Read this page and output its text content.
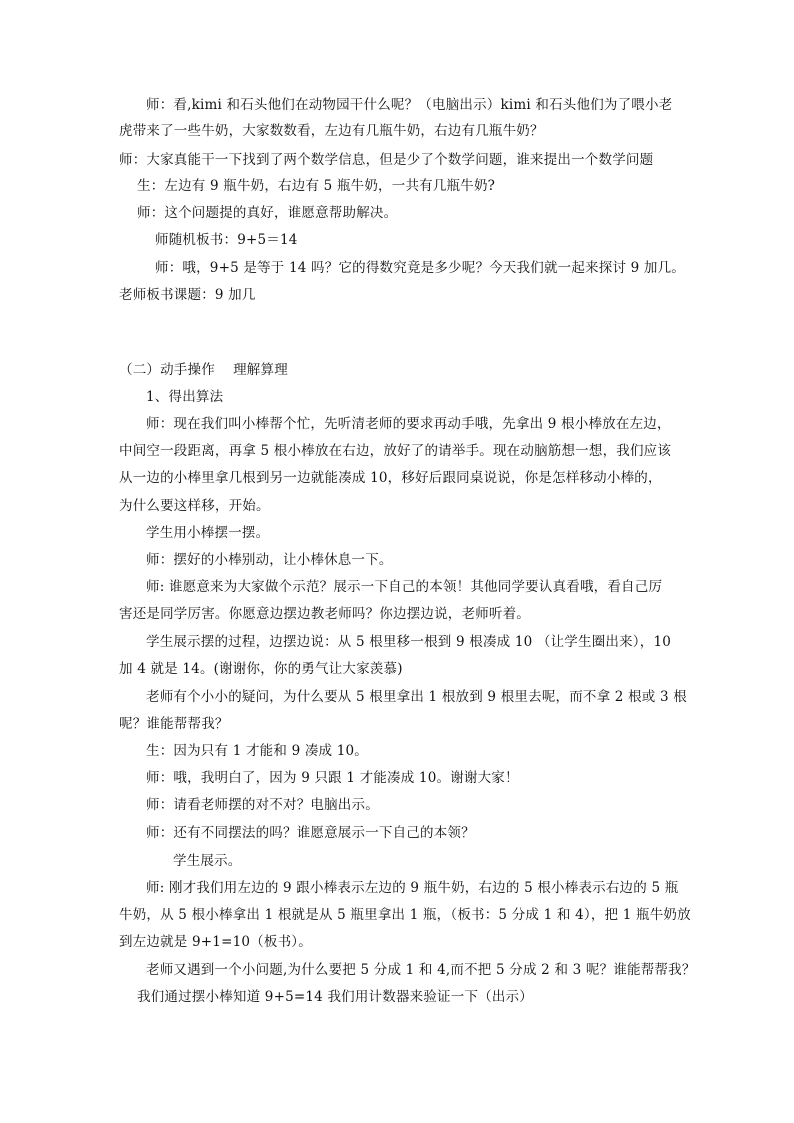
师：看,kimi 和石头他们在动物园干什么呢？（电脑出示）kimi 和石头他们为了喂小老
虎带来了一些牛奶，大家数数看，左边有几瓶牛奶，右边有几瓶牛奶？
师：大家真能干一下找到了两个数学信息，但是少了个数学问题，谁来提出一个数学问题
生：左边有 9 瓶牛奶，右边有 5 瓶牛奶，一共有几瓶牛奶?
师：这个问题提的真好，谁愿意帮助解决。
师随机板书：9+5＝14
师：哦，9+5 是等于 14 吗？它的得数究竟是多少呢？今天我们就一起来探讨 9 加几。
老师板书课题：9 加几
（二）动手操作　 理解算理
1、得出算法
师：现在我们叫小棒帮个忙，先听清老师的要求再动手哦，先拿出 9 根小棒放在左边，
中间空一段距离，再拿 5 根小棒放在右边，放好了的请举手。现在动脑筋想一想，我们应该
从一边的小棒里拿几根到另一边就能凑成 10，移好后跟同桌说说，你是怎样移动小棒的，
为什么要这样移，开始。
学生用小棒摆一摆。
师：摆好的小棒别动，让小棒休息一下。
师: 谁愿意来为大家做个示范？展示一下自己的本领！其他同学要认真看哦，看自己厉
害还是同学厉害。你愿意边摆边教老师吗？你边摆边说，老师听着。
学生展示摆的过程，边摆边说：从 5 根里移一根到 9 根凑成 10 （让学生圈出来），10
加 4 就是 14。(谢谢你，你的勇气让大家羡慕)
老师有个小小的疑问，为什么要从 5 根里拿出 1 根放到 9 根里去呢，而不拿 2 根或 3 根
呢？谁能帮帮我？
生：因为只有 1 才能和 9 凑成 10。
师：哦，我明白了，因为 9 只跟 1 才能凑成 10。谢谢大家！
师：请看老师摆的对不对？电脑出示。
师：还有不同摆法的吗？谁愿意展示一下自己的本领？
学生展示。
师: 刚才我们用左边的 9 跟小棒表示左边的 9 瓶牛奶，右边的 5 根小棒表示右边的 5 瓶
牛奶，从 5 根小棒拿出 1 根就是从 5 瓶里拿出 1 瓶，（板书：5 分成 1 和 4），把 1 瓶牛奶放
到左边就是 9+1=10（板书）。
老师又遇到一个小问题,为什么要把 5 分成 1 和 4,而不把 5 分成 2 和 3 呢？谁能帮帮我？
我们通过摆小棒知道 9+5=14 我们用计数器来验证一下（出示）
